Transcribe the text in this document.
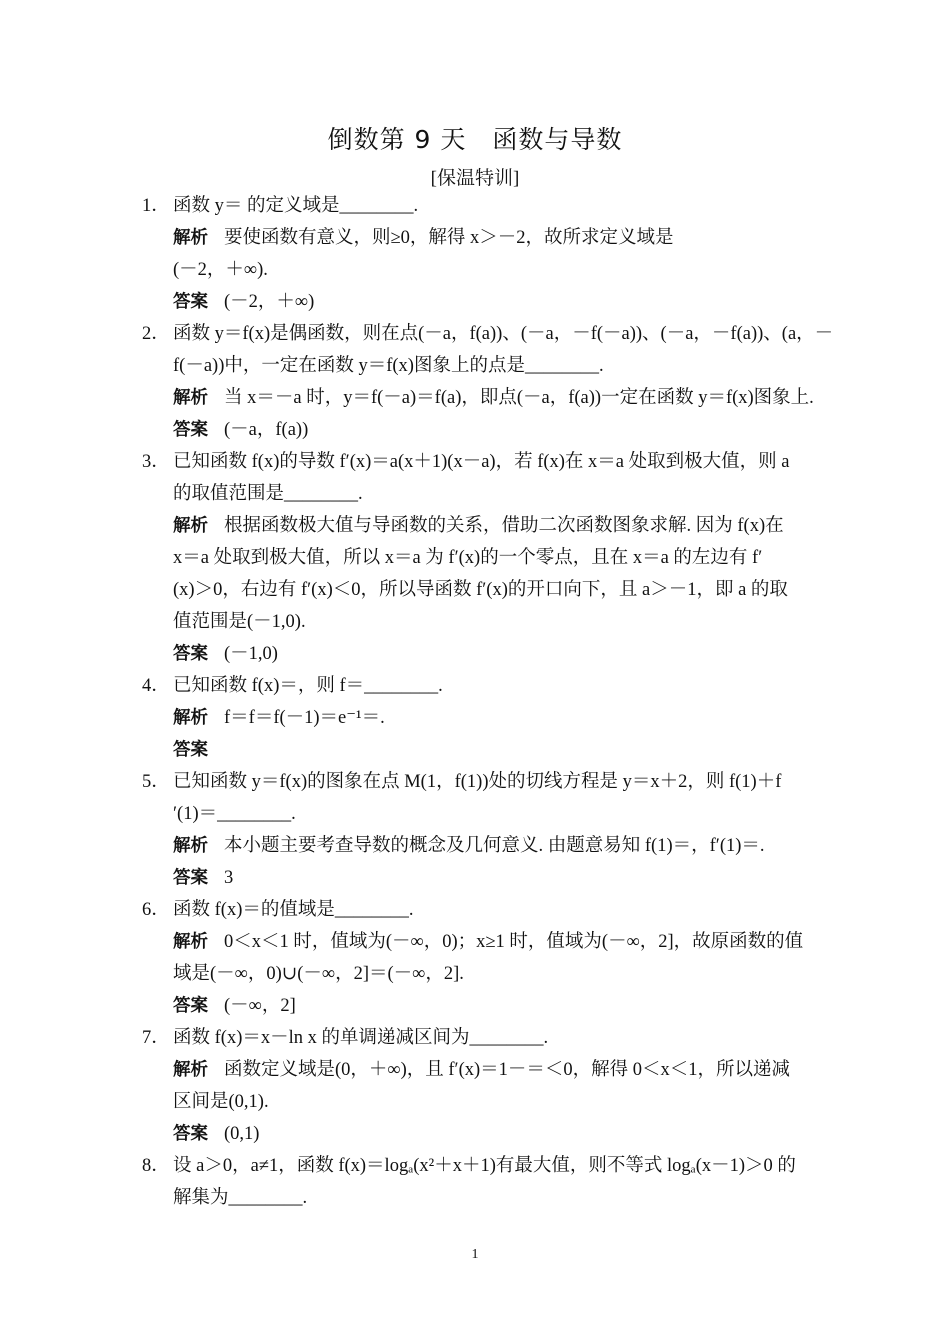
倒数第 9 天　函数与导数
[保温特训]
1． 函数 y＝ 的定义域是________.
解析 要使函数有意义，则≥0，解得 x＞－2，故所求定义域是
(－2，＋∞).
答案 (－2，＋∞)
2． 函数 y＝f(x)是偶函数，则在点(－a，f(a))、(－a，－f(－a))、(－a，－f(a))、(a，－
f(－a))中，一定在函数 y＝f(x)图象上的点是________.
解析 当 x＝－a 时，y＝f(－a)＝f(a)，即点(－a，f(a))一定在函数 y＝f(x)图象上.
答案 (－a，f(a))
3． 已知函数 f(x)的导数 f′(x)＝a(x＋1)(x－a)，若 f(x)在 x＝a 处取到极大值，则 a
的取值范围是________.
解析 根据函数极大值与导函数的关系，借助二次函数图象求解. 因为 f(x)在
x＝a 处取到极大值，所以 x＝a 为 f′(x)的一个零点，且在 x＝a 的左边有 f′
(x)＞0，右边有 f′(x)＜0，所以导函数 f′(x)的开口向下，且 a＞－1，即 a 的取
值范围是(－1,0).
答案 (－1,0)
4． 已知函数 f(x)＝，则 f＝________.
解析 f＝f＝f(－1)＝e⁻¹＝.
答案
5． 已知函数 y＝f(x)的图象在点 M(1，f(1))处的切线方程是 y＝x＋2，则 f(1)＋f
′(1)＝________.
解析 本小题主要考查导数的概念及几何意义. 由题意易知 f(1)＝，f′(1)＝.
答案 3
6． 函数 f(x)＝的值域是________.
解析 0＜x＜1 时，值域为(－∞，0)；x≥1 时，值域为(－∞，2]，故原函数的值
域是(－∞，0)∪(－∞，2]＝(－∞，2].
答案 (－∞，2]
7． 函数 f(x)＝x－ln x 的单调递减区间为________.
解析 函数定义域是(0，＋∞)，且 f′(x)＝1－＝＜0，解得 0＜x＜1，所以递减
区间是(0,1).
答案 (0,1)
8． 设 a＞0，a≠1，函数 f(x)＝logₐ(x²＋x＋1)有最大值，则不等式 logₐ(x－1)＞0 的
解集为________.
1
